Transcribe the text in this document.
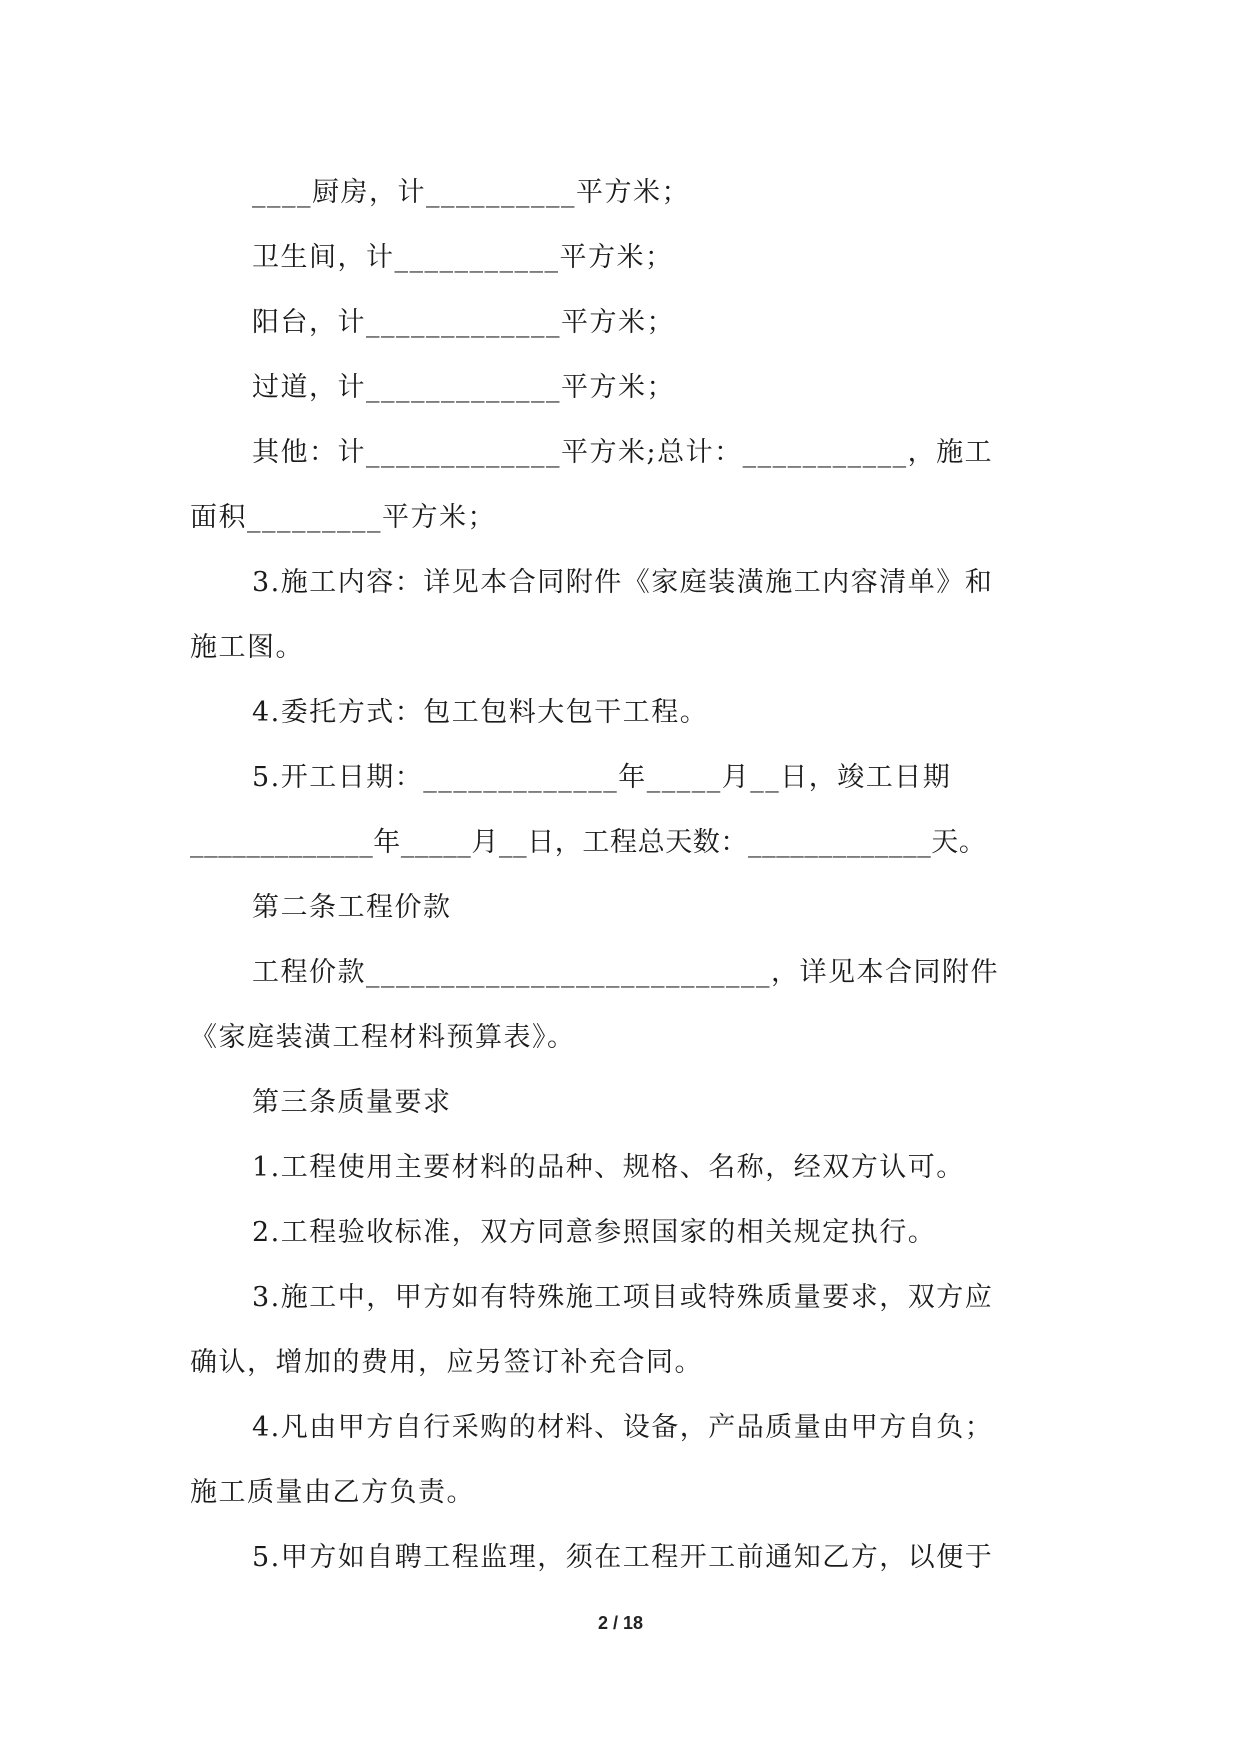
____厨房，计__________平方米；

卫生间，计___________平方米；

阳台，计_____________平方米；

过道，计_____________平方米；

其他：计_____________平方米;总计：___________，施工

面积_________平方米；

3.施工内容：详见本合同附件《家庭装潢施工内容清单》和

施工图。

4.委托方式：包工包料大包干工程。

5.开工日期：_____________年_____月__日，竣工日期

_____________年_____月__日，工程总天数：_____________天。

第二条工程价款

工程价款___________________________，详见本合同附件

《家庭装潢工程材料预算表》。

第三条质量要求

1.工程使用主要材料的品种、规格、名称，经双方认可。

2.工程验收标准，双方同意参照国家的相关规定执行。

3.施工中，甲方如有特殊施工项目或特殊质量要求，双方应

确认，增加的费用，应另签订补充合同。

4.凡由甲方自行采购的材料、设备，产品质量由甲方自负；

施工质量由乙方负责。

5.甲方如自聘工程监理，须在工程开工前通知乙方，以便于

2 / 18
